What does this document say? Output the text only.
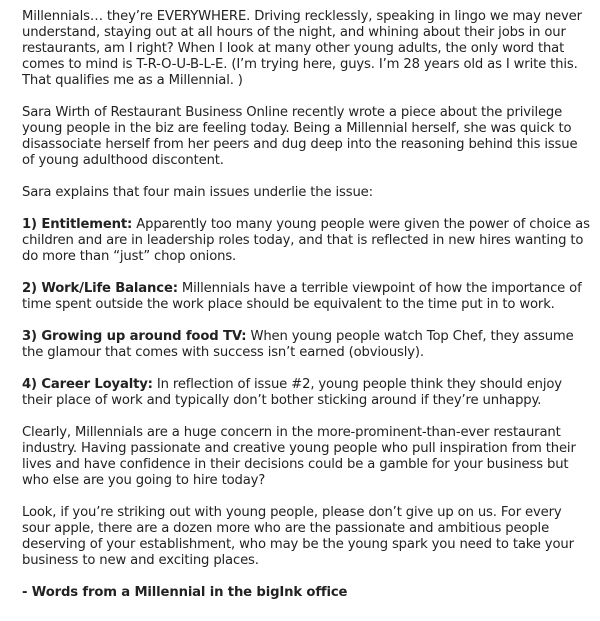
Millennials… they’re EVERYWHERE. Driving recklessly, speaking in lingo we may never understand, staying out at all hours of the night, and whining about their jobs in our restaurants, am I right? When I look at many other young adults, the only word that comes to mind is T-R-O-U-B-L-E. (I’m trying here, guys. I’m 28 years old as I write this. That qualifies me as a Millennial. )

Sara Wirth of Restaurant Business Online recently wrote a piece about the privilege young people in the biz are feeling today. Being a Millennial herself, she was quick to disassociate herself from her peers and dug deep into the reasoning behind this issue of young adulthood discontent.

Sara explains that four main issues underlie the issue:

1) Entitlement: Apparently too many young people were given the power of choice as children and are in leadership roles today, and that is reflected in new hires wanting to do more than “just” chop onions.

2) Work/Life Balance: Millennials have a terrible viewpoint of how the importance of time spent outside the work place should be equivalent to the time put in to work.

3) Growing up around food TV: When young people watch Top Chef, they assume the glamour that comes with success isn’t earned (obviously).

4) Career Loyalty: In reflection of issue #2, young people think they should enjoy their place of work and typically don’t bother sticking around if they’re unhappy.

Clearly, Millennials are a huge concern in the more-prominent-than-ever restaurant industry. Having passionate and creative young people who pull inspiration from their lives and have confidence in their decisions could be a gamble for your business but who else are you going to hire today?

Look, if you’re striking out with young people, please don’t give up on us. For every sour apple, there are a dozen more who are the passionate and ambitious people deserving of your establishment, who may be the young spark you need to take your business to new and exciting places.

- Words from a Millennial in the bigInk office
